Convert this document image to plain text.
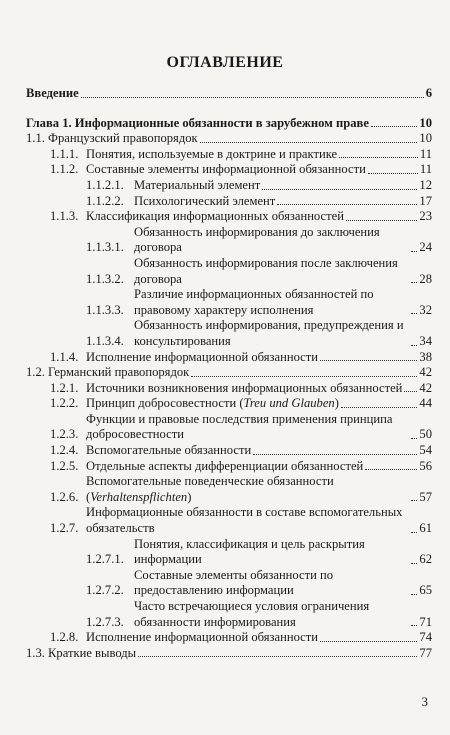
ОГЛАВЛЕНИЕ
Введение	6
Глава 1. Информационные обязанности в зарубежном праве	10
1.1. Французский правопорядок	10
1.1.1. Понятия, используемые в доктрине и практике	11
1.1.2. Составные элементы информационной обязанности	11
1.1.2.1. Материальный элемент	12
1.1.2.2. Психологический элемент	17
1.1.3. Классификация информационных обязанностей	23
1.1.3.1.
Обязанность информирования до заключения договора	24
1.1.3.2.
Обязанность информирования после заключения договора	28
1.1.3.3.
Различие информационных обязанностей по правовому характеру исполнения	32
1.1.3.4.
Обязанность информирования, предупреждения и консультирования	34
1.1.4. Исполнение информационной обязанности	38
1.2. Германский правопорядок	42
1.2.1. Источники возникновения информационных обязанностей 42
1.2.2. Принцип добросовестности (Treu und Glauben)	44
1.2.3.
Функции и правовые последствия применения принципа добросовестности	50
1.2.4. Вспомогательные обязанности	54
1.2.5. Отдельные аспекты дифференциации обязанностей	56
1.2.6.
Вспомогательные поведенческие обязанности (Verhaltenspflichten)	57
1.2.7.
Информационные обязанности в составе вспомогательных обязательств	61
1.2.7.1.
Понятия, классификация и цель раскрытия информации	62
1.2.7.2.
Составные элементы обязанности по предоставлению информации	65
1.2.7.3.
Часто встречающиеся условия ограничения обязанности информирования	71
1.2.8. Исполнение информационной обязанности	74
1.3. Краткие выводы	77
3
